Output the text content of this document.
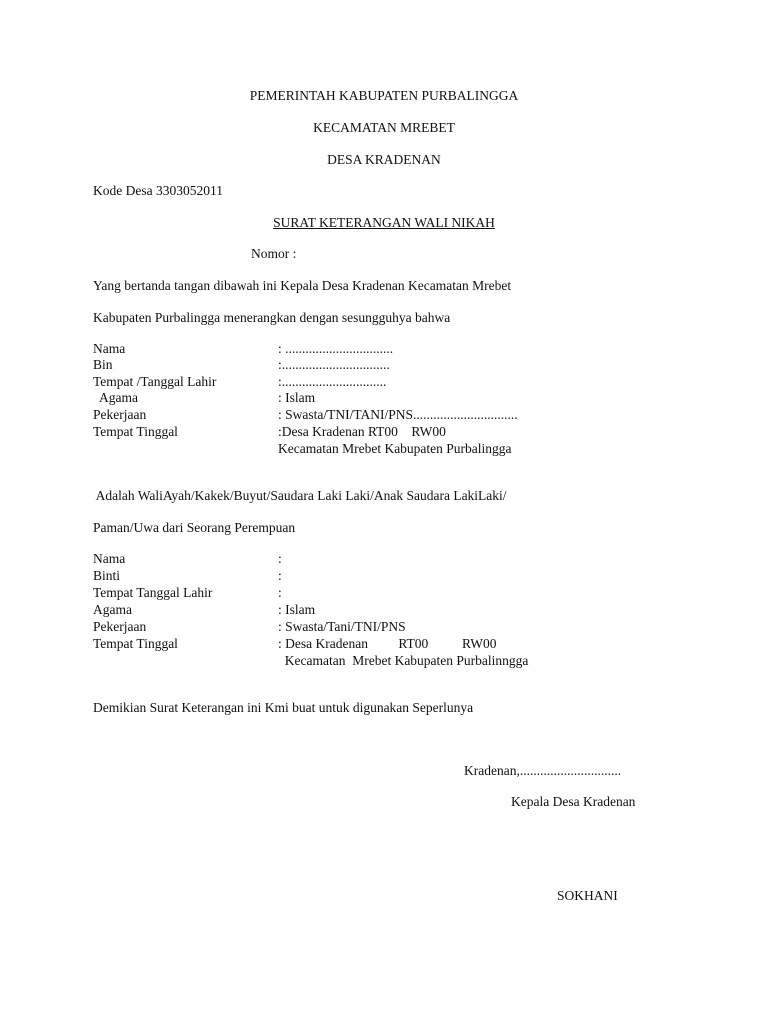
PEMERINTAH KABUPATEN PURBALINGGA
KECAMATAN MREBET
DESA KRADENAN
Kode Desa 3303052011
SURAT KETERANGAN WALI NIKAH
Nomor :
Yang bertanda tangan dibawah ini Kepala Desa Kradenan Kecamatan Mrebet
Kabupaten Purbalingga menerangkan dengan sesungguhya bahwa
Nama	: ................................
Bin	:................................
Tempat /Tanggal Lahir	:...............................
Agama	: Islam
Pekerjaan	: Swasta/TNI/TANI/PNS...............................
Tempat Tinggal	:Desa Kradenan RT00    RW00
Kecamatan Mrebet Kabupaten Purbalingga
Adalah WaliAyah/Kakek/Buyut/Saudara Laki Laki/Anak Saudara LakiLaki/
Paman/Uwa dari Seorang Perempuan
Nama	:
Binti	:
Tempat Tanggal Lahir	:
Agama	: Islam
Pekerjaan	: Swasta/Tani/TNI/PNS
Tempat Tinggal	: Desa Kradenan         RT00          RW00
Kecamatan  Mrebet Kabupaten Purbalinngga
Demikian Surat Keterangan ini Kmi buat untuk digunakan Seperlunya
Kradenan,..............................
Kepala Desa Kradenan
SOKHANI
